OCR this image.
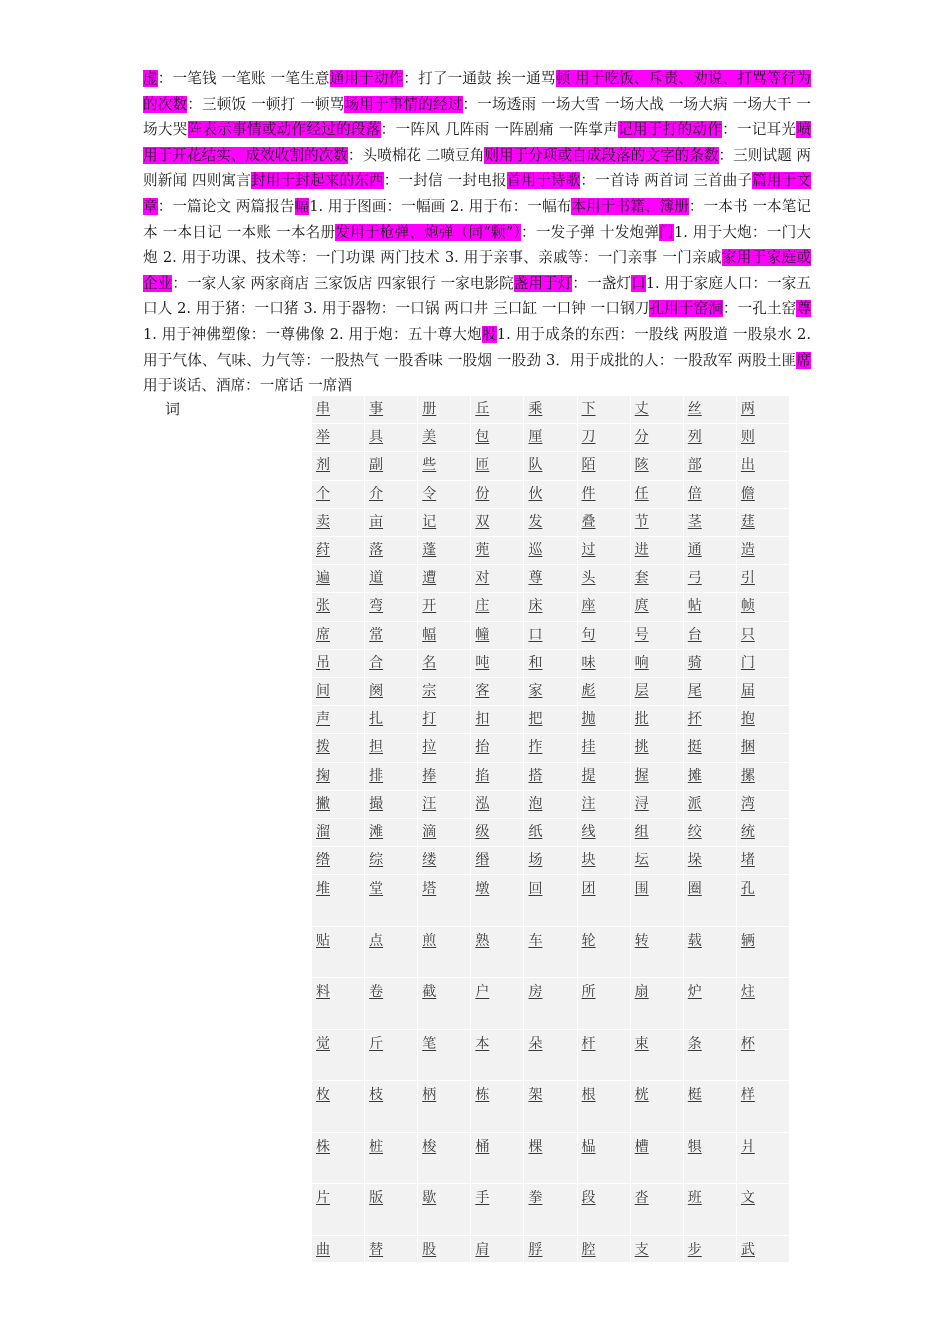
虚：一笔钱 一笔账 一笔生意通用于动作：打了一通鼓 挨一通骂顿 用于吃饭、斥责、劝说、打骂等行为的次数：三顿饭 一顿打 一顿骂场用于事情的经过：一场透雨 一场大雪 一场大战 一场大病 一场大干 一场大哭阵表示事情或动作经过的段落：一阵风 几阵雨 一阵剧痛 一阵掌声记用于打的动作：一记耳光喷用于开花结实、成效收割的次数：头喷棉花 二喷豆角则用于分项或自成段落的文字的条数：三则试题 两则新闻 四则寓言封用于封起来的东西：一封信 一封电报首用于诗歌：一首诗 两首词 三首曲子篇用于文章：一篇论文 两篇报告幅1. 用于图画：一幅画 2. 用于布：一幅布本用于书籍、簿册：一本书 一本笔记本 一本日记 一本账 一本名册发用于枪弹、炮弹（同“颗”）：一发子弹 十发炮弹门1. 用于大炮：一门大炮 2. 用于功课、技术等：一门功课 两门技术 3. 用于亲事、亲戚等：一门亲事 一门亲戚家用于家庭或企业：一家人家 两家商店 三家饭店 四家银行 一家电影院盏用于灯：一盏灯口1. 用于家庭人口：一家五口人 2. 用于猪：一口猪 3. 用于器物：一口锅 两口井 三口缸 一口钟 一口钢刀孔用于窑洞：一孔土窑尊1. 用于神佛塑像：一尊佛像 2. 用于炮：五十尊大炮股1. 用于成条的东西：一股线 两股道 一股泉水 2. 用于气体、气味、力气等：一股热气 一股香味 一股烟 一股劲 3．用于成批的人：一股敌军 两股土匪席用于谈话、酒席：一席话 一席酒

词	串	事	册	丘	乘	下	丈	丝	两
举	具	美	包	厘	刀	分	列	则
剂	副	些	匝	队	陌	陔	部	出
个	介	令	份	伙	件	任	倍	儋
卖	亩	记	双	发	叠	节	茎	莛
荮	落	蓬	蔸	巡	过	进	通	造
遍	道	遭	对	尊	头	套	弓	引
张	弯	开	庄	床	座	庹	帖	帧
席	常	幅	幢	口	句	号	台	只
吊	合	名	吨	和	味	响	骑	门
间	阕	宗	客	家	彪	层	尾	届
声	扎	打	扣	把	抛	批	抔	抱
拨	担	拉	抬	拃	挂	挑	挺	捆
掬	排	捧	掐	搭	提	握	摊	摞
撇	撮	汪	泓	泡	注	浔	派	湾
溜	滩	滴	级	纸	线	组	绞	统
绺	综	缕	缗	场	块	坛	垛	堵
堆	堂	塔	墩	回	团	围	圈	孔
贴	点	煎	熟	车	轮	转	载	辆
料	卷	截	户	房	所	扇	炉	炷
觉	斤	笔	本	朵	杆	束	条	杯
枚	枝	柄	栋	架	根	桄	梃	样
株	桩	梭	桶	棵	榀	槽	犋	爿
片	版	歇	手	拳	段	沓	班	文
曲	替	股	肩	脬	腔	支	步	武
